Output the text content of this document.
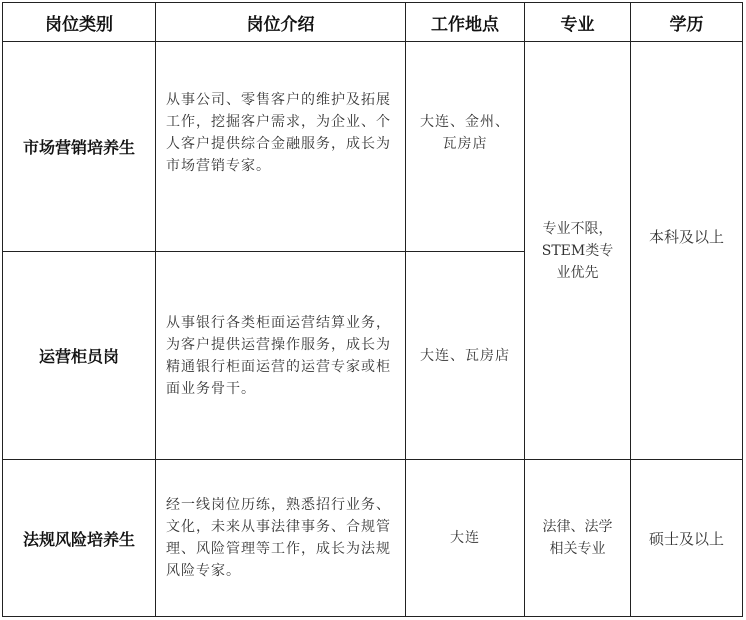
岗位类别	岗位介绍	工作地点	专业	学历
市场营销培养生	从事公司、零售客户的维护及拓展工作，挖掘客户需求，为企业、个人客户提供综合金融服务，成长为市场营销专家。	大连、金州、瓦房店	专业不限，STEM类专业优先	本科及以上

运营柜员岗	从事银行各类柜面运营结算业务，为客户提供运营操作服务，成长为精通银行柜面运营的运营专家或柜面业务骨干。	大连、瓦房店		
法规风险培养生	经一线岗位历练，熟悉招行业务、文化，未来从事法律事务、合规管理、风险管理等工作，成长为法规风险专家。	大连	法律、法学相关专业	硕士及以上
